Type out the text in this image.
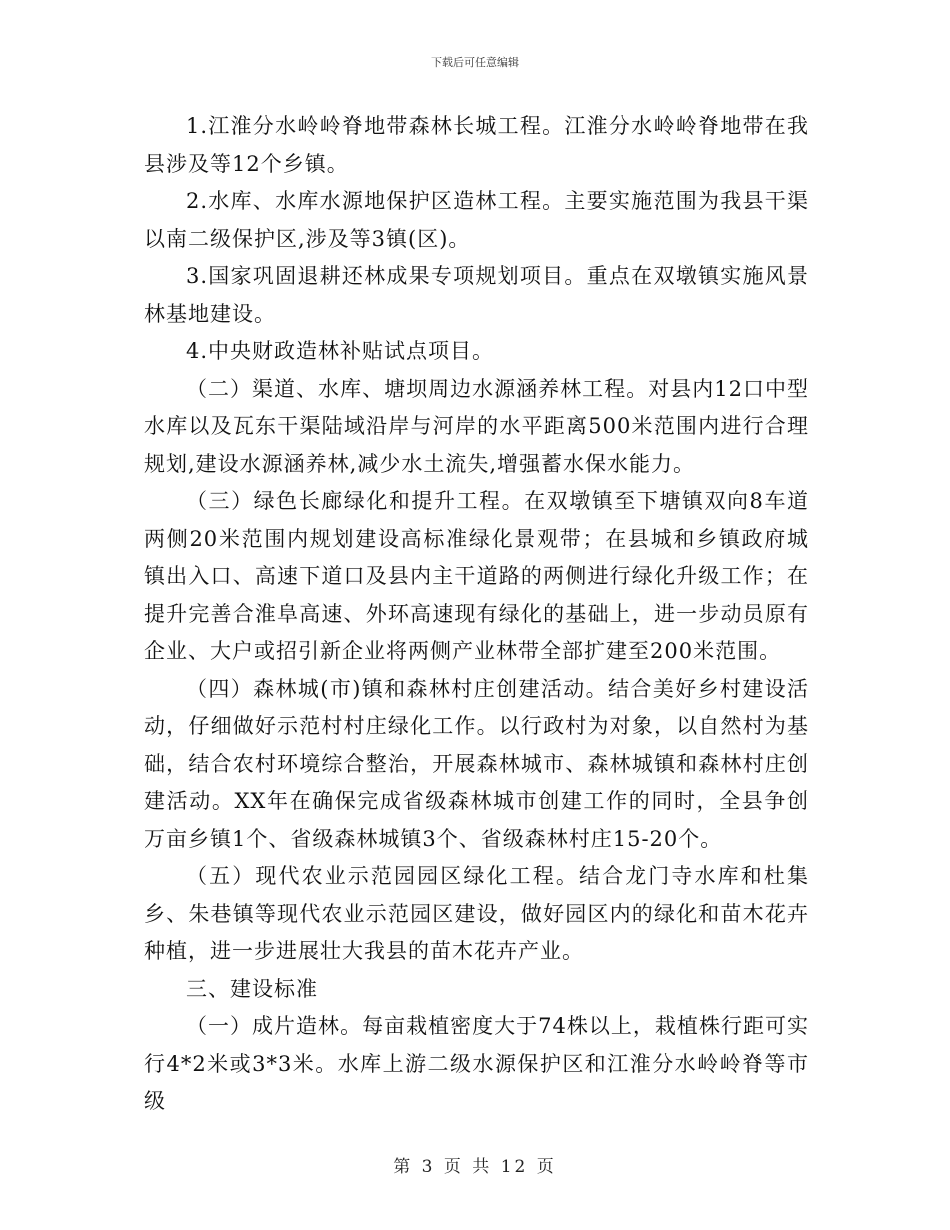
下载后可任意编辑

1.江淮分水岭岭脊地带森林长城工程。江淮分水岭岭脊地带在我县涉及等12个乡镇。

2.水库、水库水源地保护区造林工程。主要实施范围为我县干渠以南二级保护区,涉及等3镇(区)。

3.国家巩固退耕还林成果专项规划项目。重点在双墩镇实施风景林基地建设。

4.中央财政造林补贴试点项目。

（二）渠道、水库、塘坝周边水源涵养林工程。对县内12口中型水库以及瓦东干渠陆域沿岸与河岸的水平距离500米范围内进行合理规划,建设水源涵养林,减少水土流失,增强蓄水保水能力。

（三）绿色长廊绿化和提升工程。在双墩镇至下塘镇双向8车道两侧20米范围内规划建设高标准绿化景观带；在县城和乡镇政府城镇出入口、高速下道口及县内主干道路的两侧进行绿化升级工作；在提升完善合淮阜高速、外环高速现有绿化的基础上，进一步动员原有企业、大户或招引新企业将两侧产业林带全部扩建至200米范围。

（四）森林城(市)镇和森林村庄创建活动。结合美好乡村建设活动，仔细做好示范村村庄绿化工作。以行政村为对象，以自然村为基础，结合农村环境综合整治，开展森林城市、森林城镇和森林村庄创建活动。XX年在确保完成省级森林城市创建工作的同时，全县争创万亩乡镇1个、省级森林城镇3个、省级森林村庄15-20个。

（五）现代农业示范园园区绿化工程。结合龙门寺水库和杜集乡、朱巷镇等现代农业示范园区建设，做好园区内的绿化和苗木花卉种植，进一步进展壮大我县的苗木花卉产业。

三、建设标准

（一）成片造林。每亩栽植密度大于74株以上，栽植株行距可实行4*2米或3*3米。水库上游二级水源保护区和江淮分水岭岭脊等市级

第 3 页 共 12 页
